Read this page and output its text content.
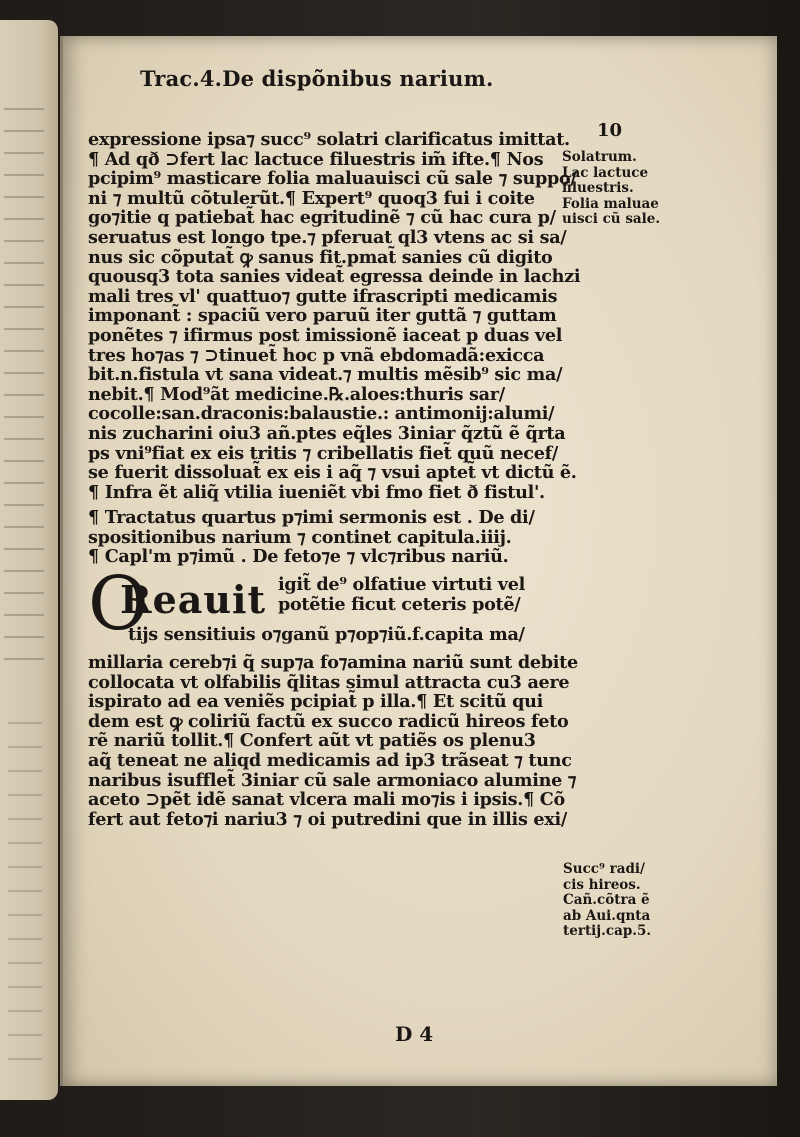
Trac.4.De dispõnibus narium.
10
expressione ipsa⁊ succ⁹ solatri clarificatus imittat.
¶ Ad qð ⊃fert lac lactuce filuestris im̃ ifte.¶ Nos
pcipim⁹ masticare folia maluauisci cũ sale ⁊ suppo/
ni ⁊ multũ cõtulerũt.¶ Expert⁹ quoq3 fui i coite
go⁊itie q patiebat̃ hac egritudinẽ ⁊ cũ hac cura p/
seruatus est longo tpe.⁊ pferuat ql3 vtens ac si sa/
nus sic cõputat̃ ꝙ sanus fit.pmat̃ sanies cũ digito
quousq3 tota sanies videat̃ egressa deinde in lachzi
mali tres vl' quattuo⁊ gutte ifrascripti medicamis
imponant̃ : spaciũ vero paruũ iter guttã ⁊ guttam
ponẽtes ⁊ ifirmus post imissionẽ iaceat p duas vel
tres ho⁊as ⁊ ⊃tinuet̃ hoc p vnã ebdomadã:exicca
bit.n.fistula vt sana videat.⁊ multis mẽsib⁹ sic ma/
nebit.¶ Mod⁹ãt medicine.℞.aloes:thuris sar/
cocolle:san.draconis:balaustie.: antimonij:alumi/
nis zucharini oiu3 añ.ptes eq̃les 3iniar q̃ztũ ẽ q̃rta
ps vni⁹fiat ex eis tritis ⁊ cribellatis fiet̃ quũ necef/
se fuerit dissoluat̃ ex eis i aq̃ ⁊ vsui aptet̃ vt dictũ ẽ.
¶ Infra ẽt aliq̃ vtilia iueniẽt vbi fmo fiet ð fistul'.
¶ Tractatus quartus p⁊imi sermonis est . De di/
spositionibus narium ⁊ continet capitula.iiij.
¶ Capl'm p⁊imũ . De feto⁊e ⁊ vlc⁊ribus nariũ.
O
Reauit igit̃ de⁹ olfatiue virtuti vel
potẽtie ficut ceteris potẽ/
tijs sensitiuis o⁊ganũ p⁊op⁊iũ.f.capita ma/
millaria cereb⁊i q̃ sup⁊a fo⁊amina nariũ sunt debite
collocata vt olfabilis q̃litas simul attracta cu3 aere
ispirato ad ea veniẽs pcipiat̃ p illa.¶ Et scitũ qui
dem est ꝙ coliriũ factũ ex succo radicũ hireos feto
rẽ nariũ tollit.¶ Confert aũt vt patiẽs os plenu3
aq̃ teneat ne aliqd medicamis ad ip3 trãseat ⁊ tunc
naribus isufflet̃ 3iniar cũ sale armoniaco alumine ⁊
aceto ⊃pẽt idẽ sanat vlcera mali mo⁊is i ipsis.¶ Cõ
fert aut feto⁊i nariu3 ⁊ oi putredini que in illis exi/
Solatrum.
Lac lactuce
filuestris.
Folia maluae
uisci cũ sale.
Succ⁹ radi/
cis hireos.
Cañ.cõtra ẽ
ab Aui.qnta
tertij.cap.5.
D 4
